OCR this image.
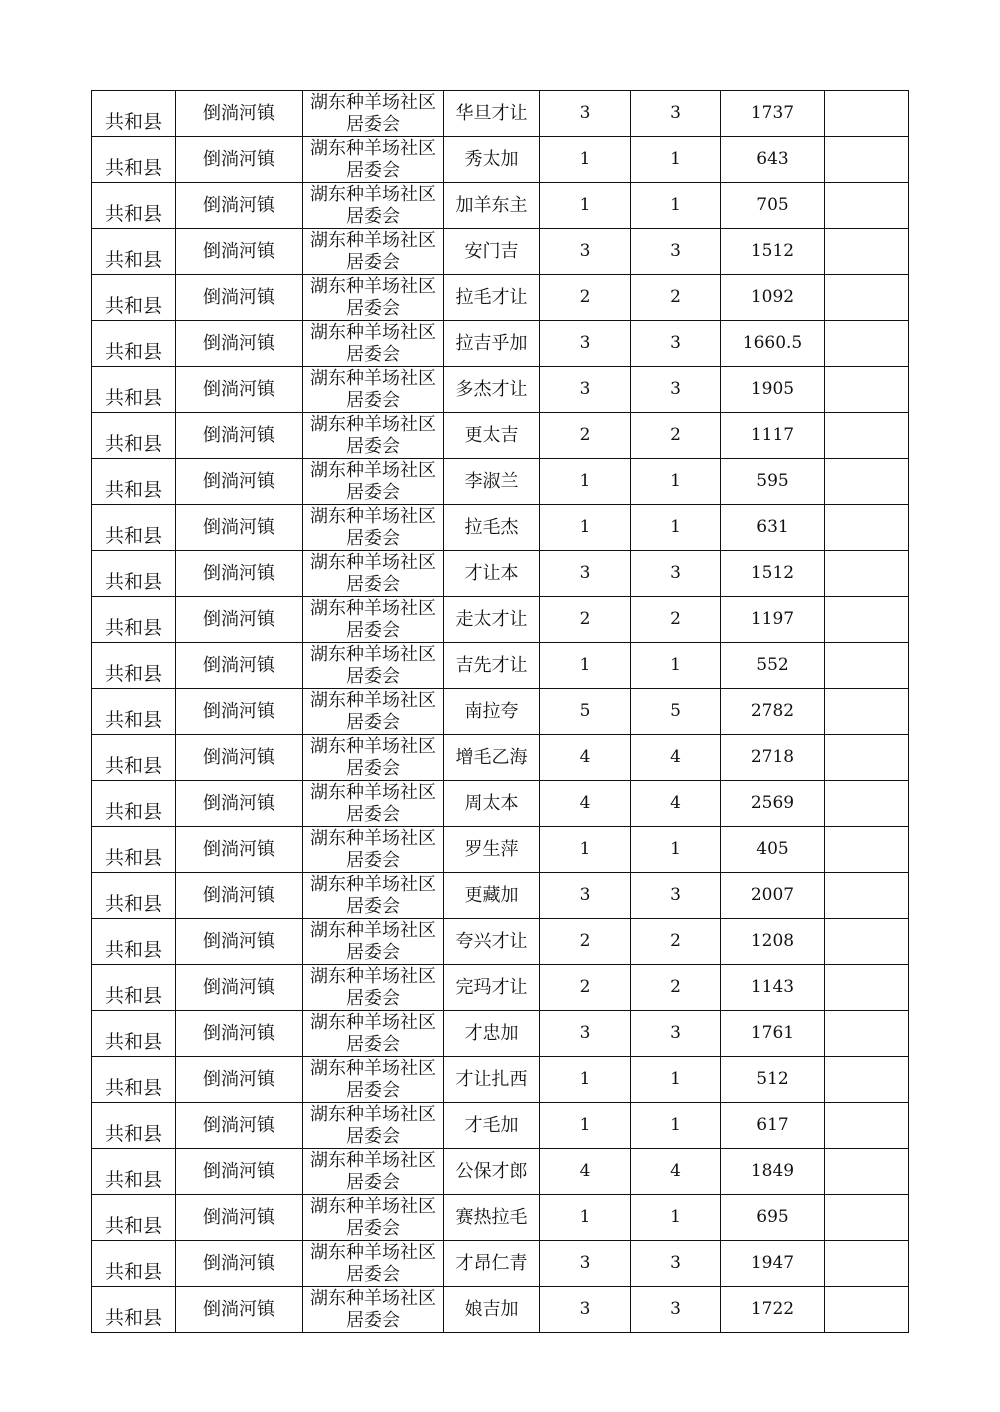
共和县	倒淌河镇	湖东种羊场社区居委会	华旦才让	3	3	1737	
共和县	倒淌河镇	湖东种羊场社区居委会	秀太加	1	1	643	
共和县	倒淌河镇	湖东种羊场社区居委会	加羊东主	1	1	705	
共和县	倒淌河镇	湖东种羊场社区居委会	安门吉	3	3	1512	
共和县	倒淌河镇	湖东种羊场社区居委会	拉毛才让	2	2	1092	
共和县	倒淌河镇	湖东种羊场社区居委会	拉吉乎加	3	3	1660.5	
共和县	倒淌河镇	湖东种羊场社区居委会	多杰才让	3	3	1905	
共和县	倒淌河镇	湖东种羊场社区居委会	更太吉	2	2	1117	
共和县	倒淌河镇	湖东种羊场社区居委会	李淑兰	1	1	595	
共和县	倒淌河镇	湖东种羊场社区居委会	拉毛杰	1	1	631	
共和县	倒淌河镇	湖东种羊场社区居委会	才让本	3	3	1512	
共和县	倒淌河镇	湖东种羊场社区居委会	走太才让	2	2	1197	
共和县	倒淌河镇	湖东种羊场社区居委会	吉先才让	1	1	552	
共和县	倒淌河镇	湖东种羊场社区居委会	南拉夸	5	5	2782	
共和县	倒淌河镇	湖东种羊场社区居委会	增毛乙海	4	4	2718	
共和县	倒淌河镇	湖东种羊场社区居委会	周太本	4	4	2569	
共和县	倒淌河镇	湖东种羊场社区居委会	罗生萍	1	1	405	
共和县	倒淌河镇	湖东种羊场社区居委会	更藏加	3	3	2007	
共和县	倒淌河镇	湖东种羊场社区居委会	夸兴才让	2	2	1208	
共和县	倒淌河镇	湖东种羊场社区居委会	完玛才让	2	2	1143	
共和县	倒淌河镇	湖东种羊场社区居委会	才忠加	3	3	1761	
共和县	倒淌河镇	湖东种羊场社区居委会	才让扎西	1	1	512	
共和县	倒淌河镇	湖东种羊场社区居委会	才毛加	1	1	617	
共和县	倒淌河镇	湖东种羊场社区居委会	公保才郎	4	4	1849	
共和县	倒淌河镇	湖东种羊场社区居委会	赛热拉毛	1	1	695	
共和县	倒淌河镇	湖东种羊场社区居委会	才昂仁青	3	3	1947	
共和县	倒淌河镇	湖东种羊场社区居委会	娘吉加	3	3	1722	
